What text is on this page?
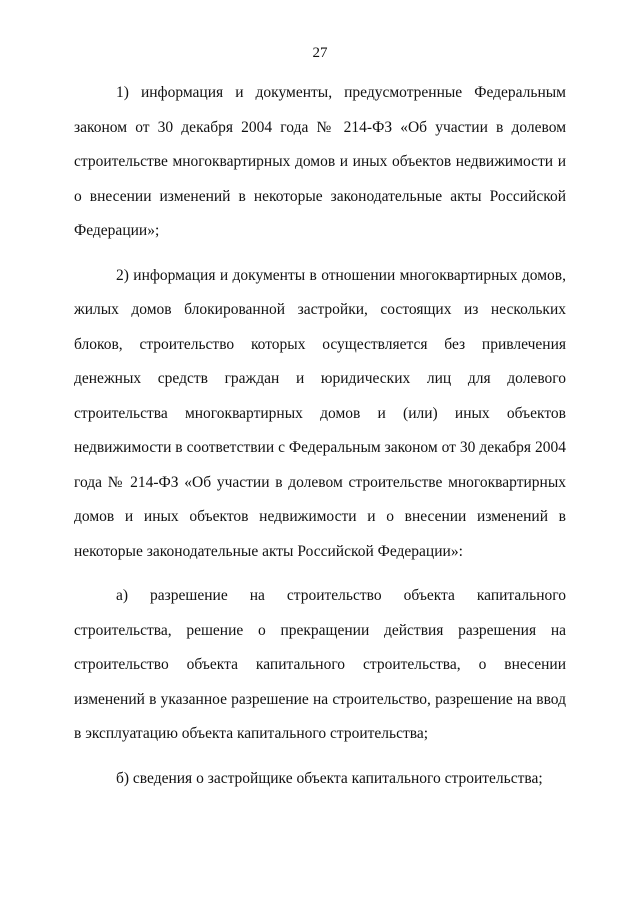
27

1) информация и документы, предусмотренные Федеральным законом от 30 декабря 2004 года № 214-ФЗ «Об участии в долевом строительстве многоквартирных домов и иных объектов недвижимости и о внесении изменений в некоторые законодательные акты Российской Федерации»;

2) информация и документы в отношении многоквартирных домов, жилых домов блокированной застройки, состоящих из нескольких блоков, строительство которых осуществляется без привлечения денежных средств граждан и юридических лиц для долевого строительства многоквартирных домов и (или) иных объектов недвижимости в соответствии с Федеральным законом от 30 декабря 2004 года № 214-ФЗ «Об участии в долевом строительстве многоквартирных домов и иных объектов недвижимости и о внесении изменений в некоторые законодательные акты Российской Федерации»:

а) разрешение на строительство объекта капитального строительства, решение о прекращении действия разрешения на строительство объекта капитального строительства, о внесении изменений в указанное разрешение на строительство, разрешение на ввод в эксплуатацию объекта капитального строительства;

б) сведения о застройщике объекта капитального строительства;
